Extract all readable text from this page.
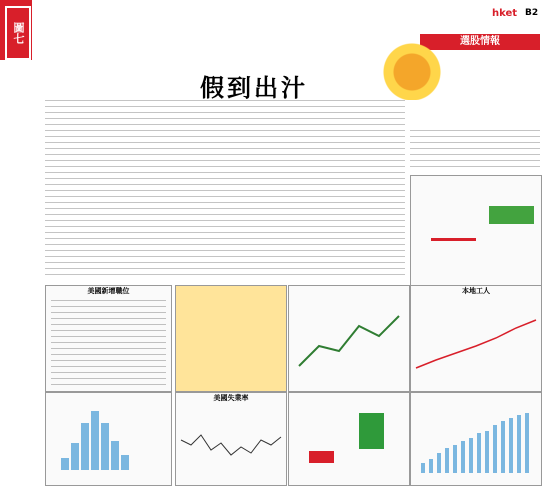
圖七
hket B2
選股情報
假到出汁
美國新增職位	本地工人
美國失業率
